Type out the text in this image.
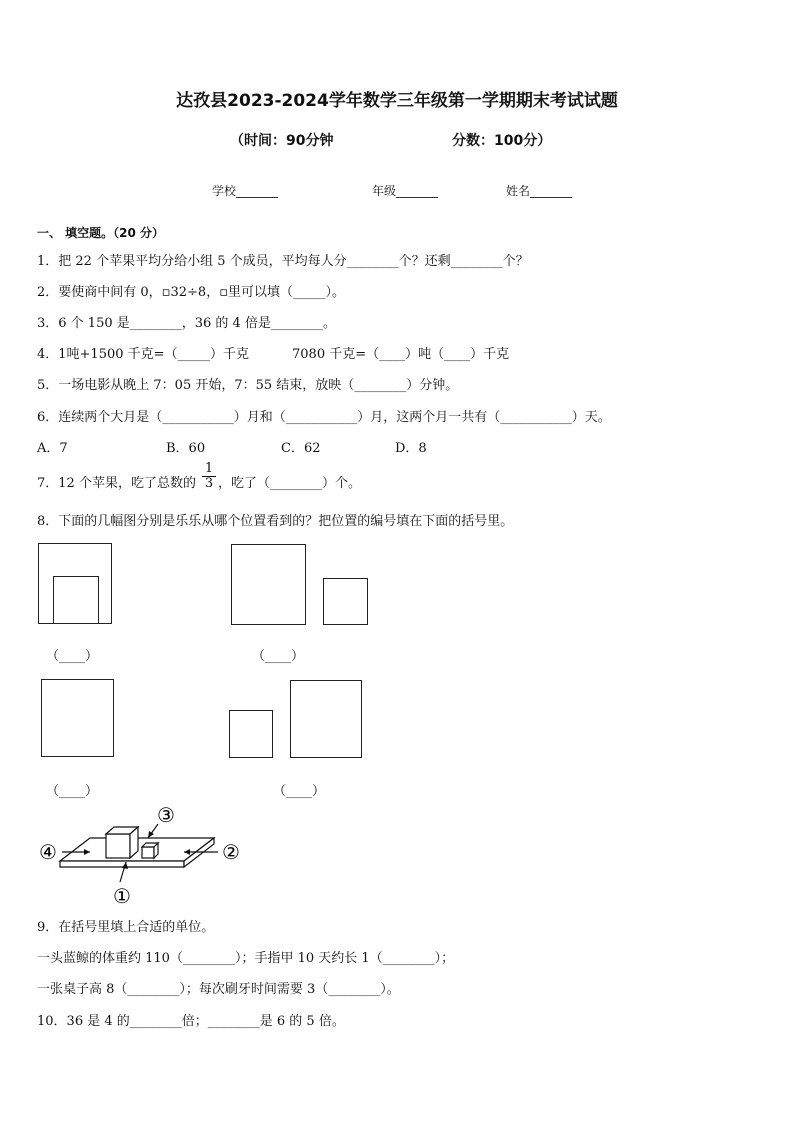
达孜县2023-2024学年数学三年级第一学期期末考试试题
（时间：90分钟	分数：100分）
学校_______	年级_______	姓名_______
一、 填空题。（20 分）
1．把 22 个苹果平均分给小组 5 个成员，平均每人分________个？还剩________个？
2．要使商中间有 0，▫32÷8，▫里可以填（_____）。
3．6 个 150 是________，36 的 4 倍是________。
4．1吨+1500 千克=（_____）千克	7080 千克=（____）吨（____）千克
5．一场电影从晚上 7：05 开始，7：55 结束，放映（________）分钟。
6．连续两个大月是（___________）月和（___________）月，这两个月一共有（___________）天。
A．7	B．60	C．62	D．8
7．12 个苹果，吃了总数的 $\frac{1}{3}$ ，吃了（________）个。
8．下面的几幅图分别是乐乐从哪个位置看到的？把位置的编号填在下面的括号里。
（____）	（____）
（____）	（____）
①
②
③
④
9．在括号里填上合适的单位。
一头蓝鲸的体重约 110（________）；手指甲 10 天约长 1（________）；
一张桌子高 8（________）；每次刷牙时间需要 3（________）。
10．36 是 4 的________倍；________是 6 的 5 倍。
